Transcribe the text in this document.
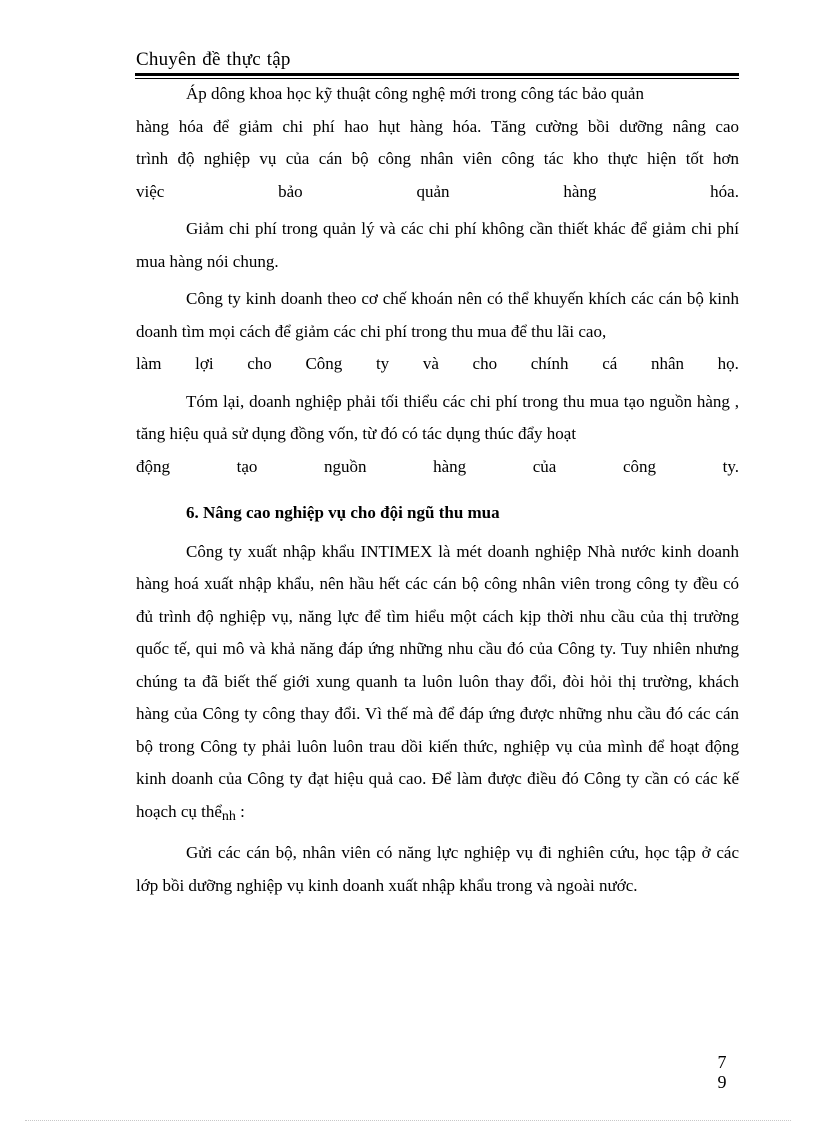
Chuyên đề thực tập

Áp dông khoa học kỹ thuật công nghệ mới trong công tác bảo quản

hàng hóa để giảm chi phí hao hụt hàng hóa. Tăng cường bồi dưỡng nâng cao

trình độ nghiệp vụ của cán bộ công nhân viên công tác kho thực hiện tốt hơn

việc	bảo	quản	hàng	hóa.

Giảm chi phí trong quản lý và các chi phí không cần thiết khác để giảm chi phí mua hàng nói chung.

Công ty kinh doanh theo cơ chế khoán nên có thể khuyến khích các cán bộ kinh doanh tìm mọi cách để giảm các chi phí trong thu mua để thu lãi cao,

làm lợi cho Công ty và cho chính cá nhân họ.

Tóm lại, doanh nghiệp phải tối thiểu các chi phí trong thu mua tạo nguồn hàng , tăng hiệu quả sử dụng đồng vốn, từ đó có tác dụng thúc đẩy hoạt

động	tạo	nguồn	hàng	của	công	ty.
6. Nâng cao nghiệp vụ cho đội ngũ thu mua

Công ty xuất nhập khẩu INTIMEX là mét doanh nghiệp Nhà nước kinh doanh hàng hoá xuất nhập khẩu, nên hầu hết các cán bộ công nhân viên trong công ty đều có đủ trình độ nghiệp vụ, năng lực để tìm hiểu một cách kịp thời nhu cầu của thị trường quốc tế, qui mô và khả năng đáp ứng những nhu cầu đó của Công ty. Tuy nhiên nhưng chúng ta đã biết thế giới xung quanh ta luôn luôn thay đổi, đòi hỏi thị trường, khách hàng của Công ty công thay đổi. Vì thế mà để đáp ứng được những nhu cầu đó các cán bộ trong Công ty phải luôn luôn trau dồi kiến thức, nghiệp vụ của mình để hoạt động kinh doanh của Công ty đạt hiệu quả cao. Để làm được điều đó Công ty cần có các kế hoạch cụ thểnh :

Gửi các cán bộ, nhân viên có năng lực nghiệp vụ đi nghiên cứu, học tập ở các lớp bồi dưỡng nghiệp vụ kinh doanh xuất nhập khẩu trong và ngoài nước.

7
9
